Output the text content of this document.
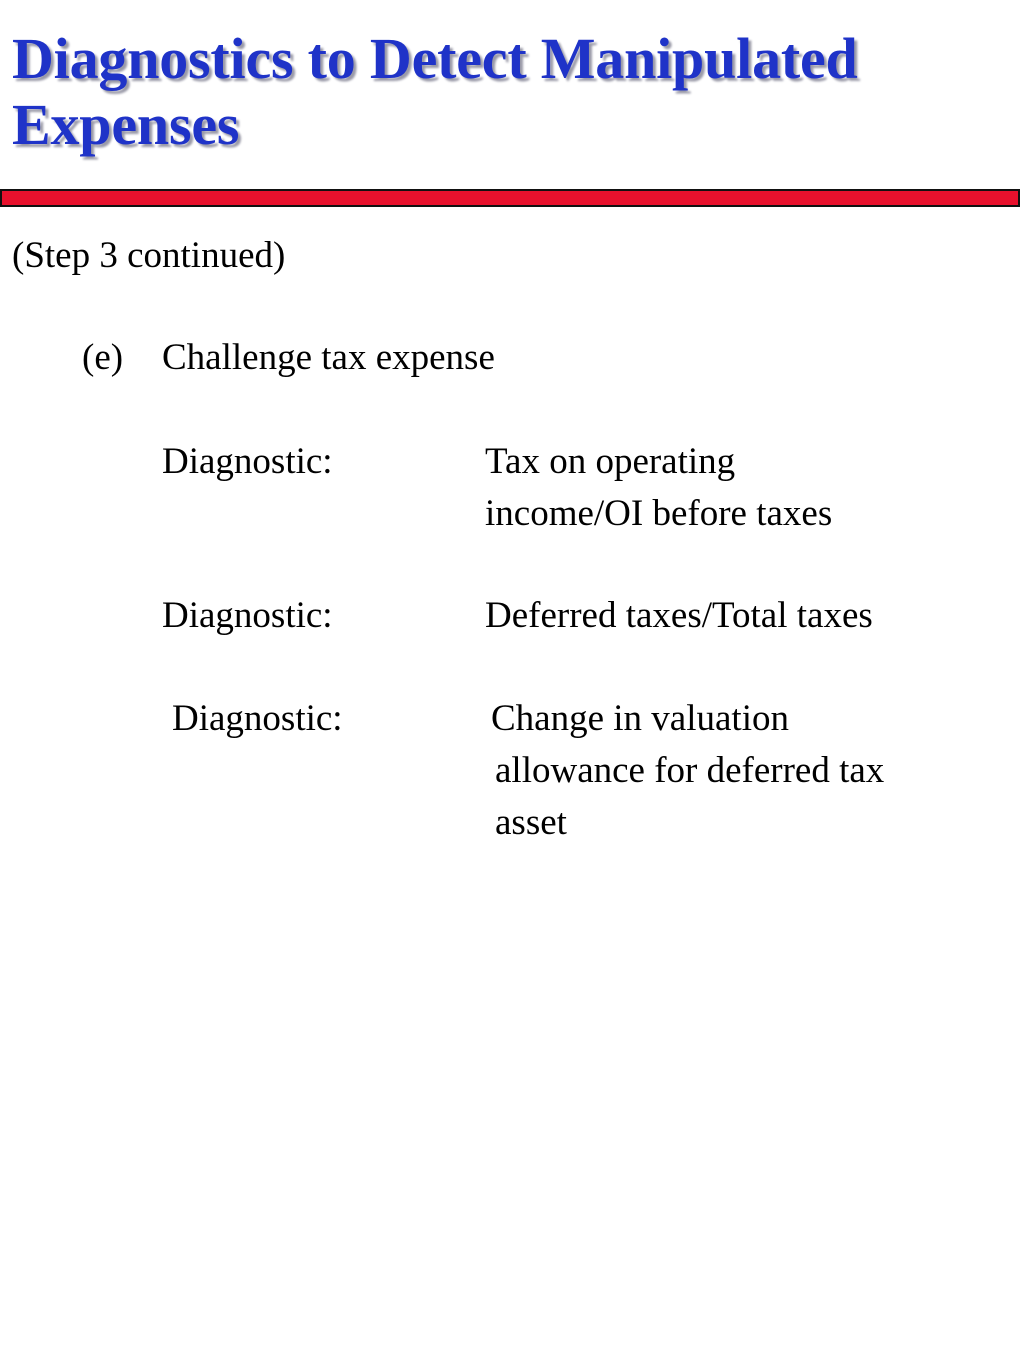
Diagnostics to Detect Manipulated Expenses
(Step 3 continued)
(e) Challenge tax expense
Diagnostic:	Tax on operating
income/OI before taxes
Diagnostic:	Deferred taxes/Total taxes
Diagnostic:	Change in valuation
allowance for deferred tax
asset
